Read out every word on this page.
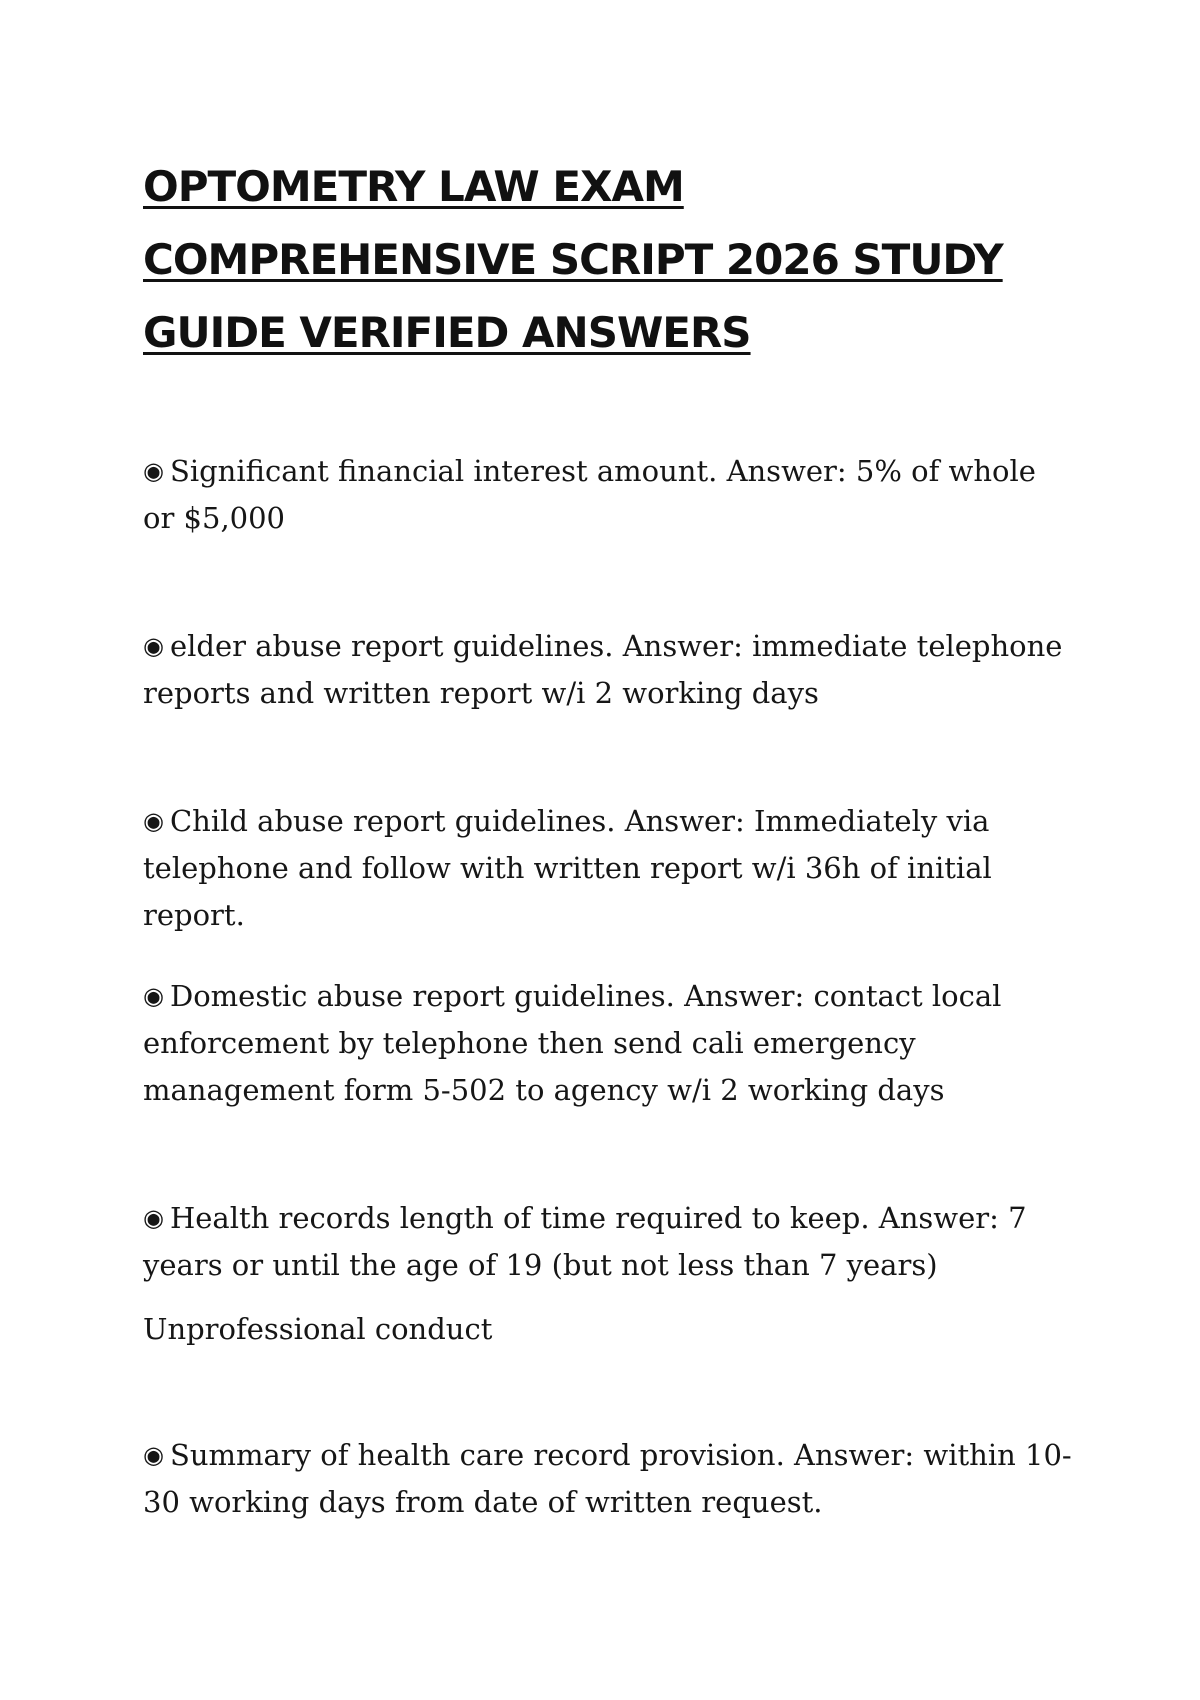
OPTOMETRY LAW EXAM COMPREHENSIVE SCRIPT 2026 STUDY GUIDE VERIFIED ANSWERS

◉ Significant financial interest amount. Answer: 5% of whole or $5,000

◉ elder abuse report guidelines. Answer: immediate telephone reports and written report w/i 2 working days

◉ Child abuse report guidelines. Answer: Immediately via telephone and follow with written report w/i 36h of initial report.

◉ Domestic abuse report guidelines. Answer: contact local enforcement by telephone then send cali emergency management form 5-502 to agency w/i 2 working days

◉ Health records length of time required to keep. Answer: 7 years or until the age of 19 (but not less than 7 years)

Unprofessional conduct

◉ Summary of health care record provision. Answer: within 10-30 working days from date of written request.
